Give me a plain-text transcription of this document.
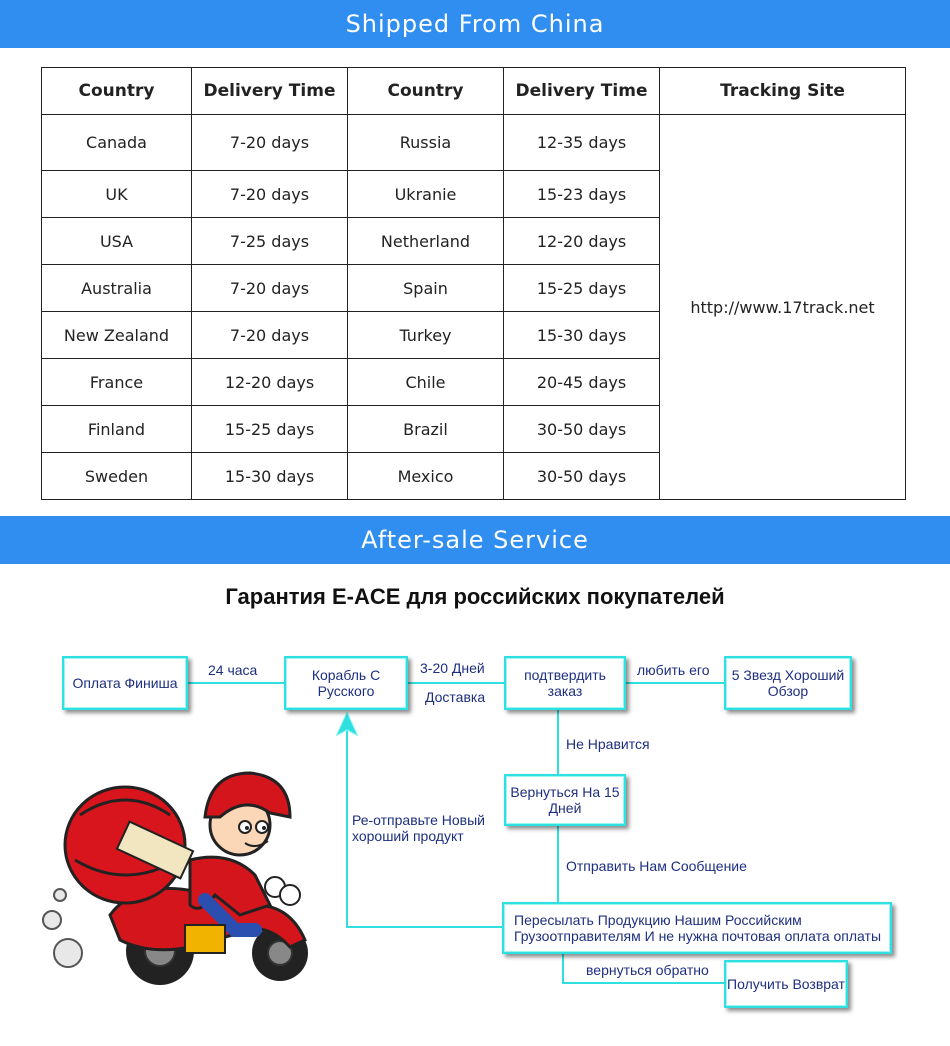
Shipped From China
Country	Delivery Time	Country	Delivery Time	Tracking Site
Canada	7-20 days	Russia	12-35 days	http://www.17track.net
UK	7-20 days	Ukranie	15-23 days	
USA	7-25 days	Netherland	12-20 days	
Australia	7-20 days	Spain	15-25 days	
New Zealand	7-20 days	Turkey	15-30 days	
France	12-20 days	Chile	20-45 days	
Finland	15-25 days	Brazil	30-50 days	
Sweden	15-30 days	Mexico	30-50 days	
After-sale Service
Гарантия E-ACE для российских покупателей
Оплата Финиша	Корабль С Русского
подтвердить заказ
5 Звезд Хороший Обзор
Вернуться На 15 Дней
Пересылать Продукцию Нашим Российским Грузоотправителям И не нужна почтовая оплата оплаты
Получить Возврат
24 часа	3-20 Дней
Доставка
любить его
Не Нравится
Отправить Нам Сообщение
Ре-отправьте Новый хороший продукт
вернуться обратно
